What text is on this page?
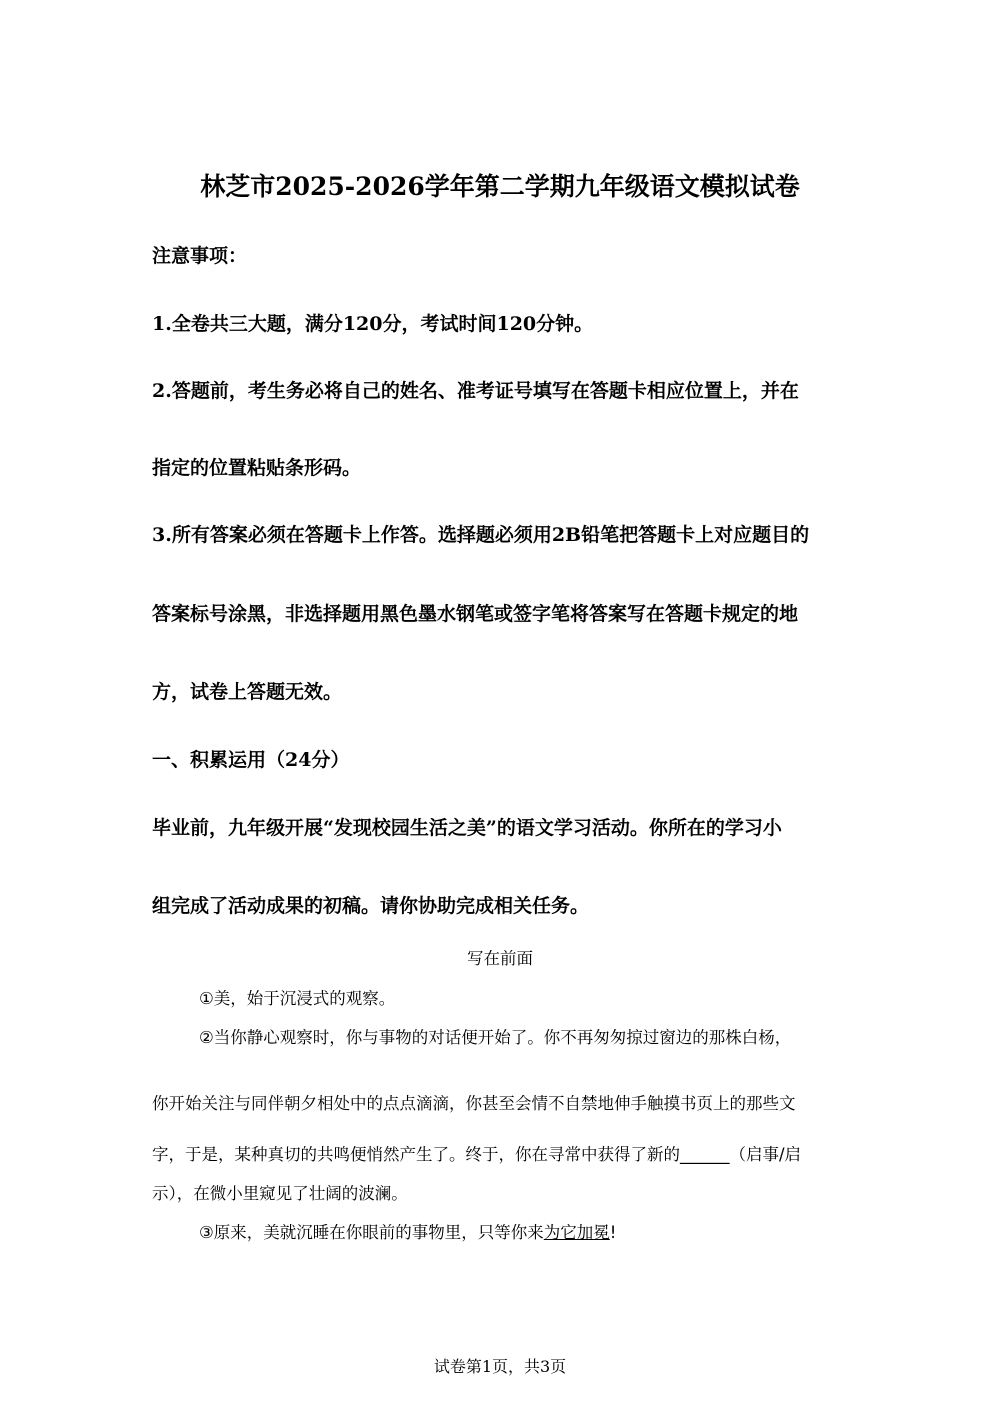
林芝市2025-2026学年第二学期九年级语文模拟试卷
注意事项：
1.全卷共三大题，满分120分，考试时间120分钟。
2.答题前，考生务必将自己的姓名、准考证号填写在答题卡相应位置上，并在
指定的位置粘贴条形码。
3.所有答案必须在答题卡上作答。选择题必须用2B铅笔把答题卡上对应题目的
答案标号涂黑，非选择题用黑色墨水钢笔或签字笔将答案写在答题卡规定的地
方，试卷上答题无效。
一、积累运用（24分）
毕业前，九年级开展“发现校园生活之美”的语文学习活动。你所在的学习小
组完成了活动成果的初稿。请你协助完成相关任务。
写在前面
①美，始于沉浸式的观察。
②当你静心观察时，你与事物的对话便开始了。你不再匆匆掠过窗边的那株白杨，
你开始关注与同伴朝夕相处中的点点滴滴，你甚至会情不自禁地伸手触摸书页上的那些文
字，于是，某种真切的共鸣便悄然产生了。终于，你在寻常中获得了新的______（启事/启
示），在微小里窥见了壮阔的波澜。
③原来，美就沉睡在你眼前的事物里，只等你来为它加冕!
试卷第1页，共3页
